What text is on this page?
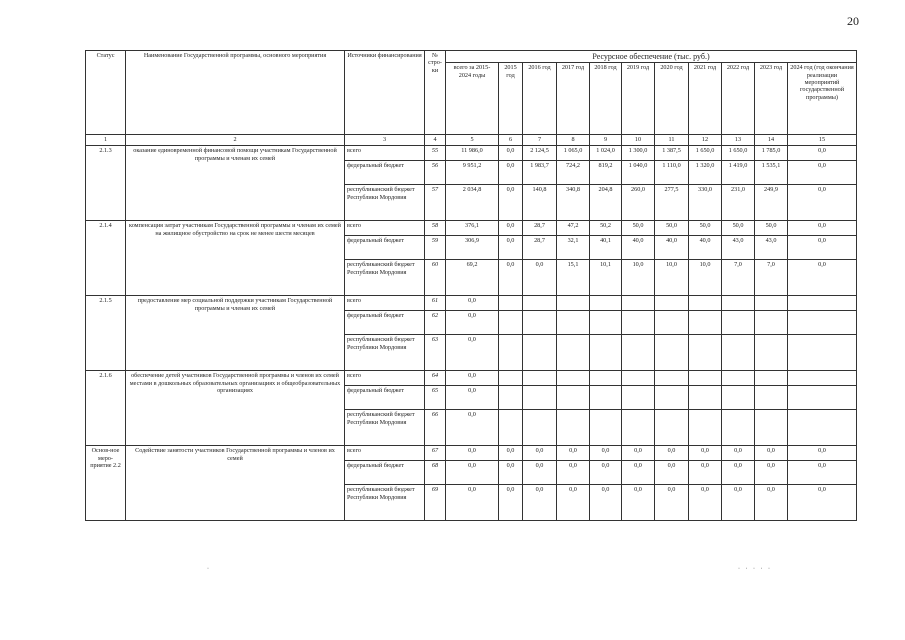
20
Статус	Наименование Государственной программы, основного мероприятия	Источники финансирования	№ стро-ки	Ресурсное обеспечение (тыс. руб.)										
				всего за 2015-2024 годы	2015 год	2016 год	2017 год	2018 год	2019 год	2020 год	2021 год	2022 год	2023 год	2024 год (год окончания реализации мероприятий государственной программы)
1	2	3	4	5	6	7	8	9	10	11	12	13	14	15
2.1.3	оказание единовременной финансовой помощи участникам Государственной программы и членам их семей	всего	55	11 986,0	0,0	2 124,5	1 065,0	1 024,0	1 300,0	1 387,5	1 650,0	1 650,0	1 785,0	0,0
		федеральный бюджет	56	9 951,2	0,0	1 983,7	724,2	819,2	1 040,0	1 110,0	1 320,0	1 419,0	1 535,1	0,0
		республиканский бюджет Республики Мордовия	57	2 034,8	0,0	140,8	340,8	204,8	260,0	277,5	330,0	231,0	249,9	0,0
2.1.4	компенсация затрат участникам Государственной программы и членам их семей на жилищное обустройство на срок не менее шести месяцев	всего	58	376,1	0,0	28,7	47,2	50,2	50,0	50,0	50,0	50,0	50,0	0,0
		федеральный бюджет	59	306,9	0,0	28,7	32,1	40,1	40,0	40,0	40,0	43,0	43,0	0,0
		республиканский бюджет Республики Мордовия	60	69,2	0,0	0,0	15,1	10,1	10,0	10,0	10,0	7,0	7,0	0,0
2.1.5	предоставление мер социальной поддержки участникам Государственной программы и членам их семей	всего	61	0,0										
		федеральный бюджет	62	0,0										
		республиканский бюджет Республики Мордовия	63	0,0										
2.1.6	обеспечение детей участников Государственной программы и членов их семей местами в дошкольных образовательных организациях и общеобразовательных организациях	всего	64	0,0										
		федеральный бюджет	65	0,0										
		республиканский бюджет Республики Мордовия	66	0,0										
Основ-ное меро-приятие 2.2	Содействие занятости участников Государственной программы и членов их семей	всего	67	0,0	0,0	0,0	0,0	0,0	0,0	0,0	0,0	0,0	0,0	0,0
		федеральный бюджет	68	0,0	0,0	0,0	0,0	0,0	0,0	0,0	0,0	0,0	0,0	0,0
		республиканский бюджет Республики Мордовия	69	0,0	0,0	0,0	0,0	0,0	0,0	0,0	0,0	0,0	0,0	0,0
·	· · · · ·
